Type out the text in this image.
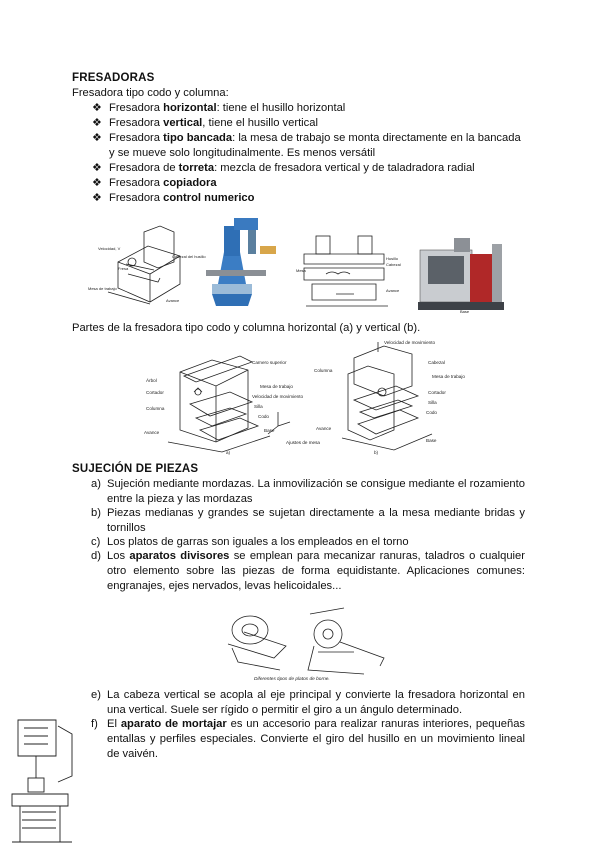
FRESADORAS
Fresadora tipo codo y columna:
❖ Fresadora horizontal: tiene el husillo horizontal
❖ Fresadora vertical, tiene el husillo vertical
❖ Fresadora tipo bancada: la mesa de trabajo se monta directamente en la bancada y se mueve solo longitudinalmente. Es menos versátil
❖ Fresadora de torreta: mezcla de fresadora vertical y de taladradora radial
❖ Fresadora copiadora
❖ Fresadora control numerico
Velocidad, V
Cabezal del husillo
Fresa
Mesa de trabajo
Avance
Husillo
Cabezal
Mesa
Avance
Base
Partes de la fresadora tipo codo y columna horizontal (a) y vertical (b).
Árbol
Cortador
Columna
Avance
Carnero superior
Mesa de trabajo
Velocidad de movimiento
Silla
Codo
Base
Ajustes de mesa
a)
Velocidad de movimiento
Columna
Cabezal
Mesa de trabajo
Cortador
Silla
Codo
Avance
Base
b)
SUJECIÓN DE PIEZAS
a) Sujeción mediante mordazas. La inmovilización se consigue mediante el rozamiento entre la pieza y las mordazas
b) Piezas medianas y grandes se sujetan directamente a la mesa mediante bridas y tornillos
c) Los platos de garras son iguales a los empleados en el torno
d) Los aparatos divisores se emplean para mecanizar ranuras, taladros o cualquier otro elemento sobre las piezas de forma equidistante. Aplicaciones comunes: engranajes, ejes nervados, levas helicoidales...
Diferentes tipos de platos de borne.
e) La cabeza vertical se acopla al eje principal y convierte la fresadora horizontal en una vertical. Suele ser rígido o permitir el giro a un ángulo determinado.
f) El aparato de mortajar es un accesorio para realizar ranuras interiores, pequeñas entallas y perfiles especiales. Convierte el giro del husillo en un movimiento lineal de vaivén.
